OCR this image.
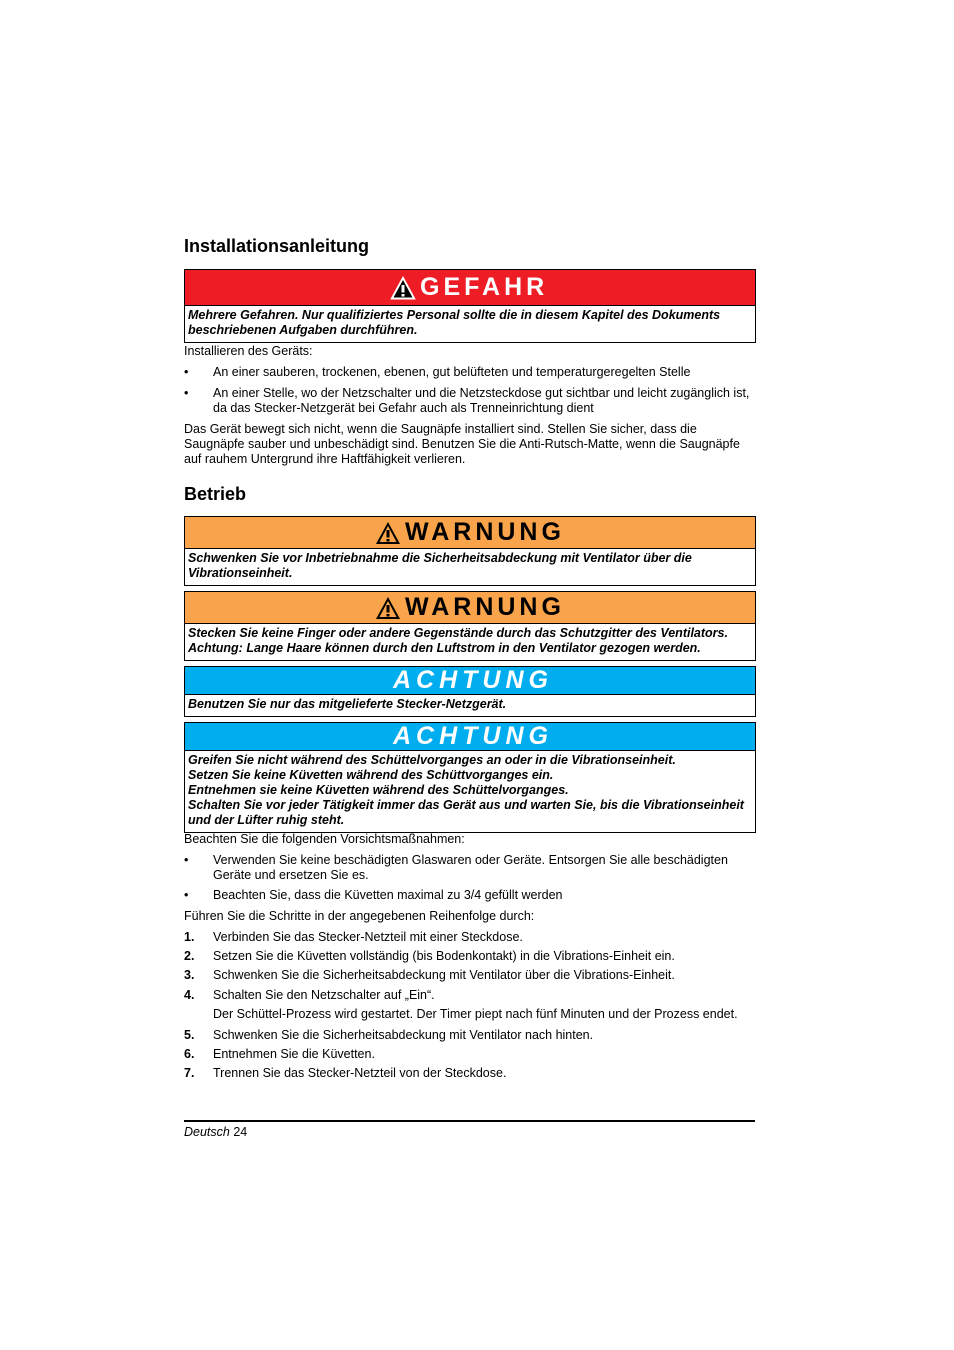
Installationsanleitung
GEFAHR
Mehrere Gefahren. Nur qualifiziertes Personal sollte die in diesem Kapitel des Dokuments beschriebenen Aufgaben durchführen.

Installieren des Geräts:

• An einer sauberen, trockenen, ebenen, gut belüfteten und temperaturgeregelten Stelle
• An einer Stelle, wo der Netzschalter und die Netzsteckdose gut sichtbar und leicht zugänglich ist, da das Stecker-Netzgerät bei Gefahr auch als Trenneinrichtung dient

Das Gerät bewegt sich nicht, wenn die Saugnäpfe installiert sind. Stellen Sie sicher, dass die Saugnäpfe sauber und unbeschädigt sind. Benutzen Sie die Anti-Rutsch-Matte, wenn die Saugnäpfe auf rauhem Untergrund ihre Haftfähigkeit verlieren.

Betrieb
WARNUNG
Schwenken Sie vor Inbetriebnahme die Sicherheitsabdeckung mit Ventilator über die Vibrationseinheit.
WARNUNG
Stecken Sie keine Finger oder andere Gegenstände durch das Schutzgitter des Ventilators. Achtung: Lange Haare können durch den Luftstrom in den Ventilator gezogen werden.
ACHTUNG
Benutzen Sie nur das mitgelieferte Stecker-Netzgerät.
ACHTUNG
Greifen Sie nicht während des Schüttelvorganges an oder in die Vibrationseinheit.
Setzen Sie keine Küvetten während des Schüttvorganges ein.
Entnehmen sie keine Küvetten während des Schüttelvorganges.
Schalten Sie vor jeder Tätigkeit immer das Gerät aus und warten Sie, bis die Vibrationseinheit und der Lüfter ruhig steht.

Beachten Sie die folgenden Vorsichtsmaßnahmen:

• Verwenden Sie keine beschädigten Glaswaren oder Geräte. Entsorgen Sie alle beschädigten Geräte und ersetzen Sie es.
• Beachten Sie, dass die Küvetten maximal zu 3/4 gefüllt werden

Führen Sie die Schritte in der angegebenen Reihenfolge durch:

1. Verbinden Sie das Stecker-Netzteil mit einer Steckdose.
2. Setzen Sie die Küvetten vollständig (bis Bodenkontakt) in die Vibrations-Einheit ein.
3. Schwenken Sie die Sicherheitsabdeckung mit Ventilator über die Vibrations-Einheit.
4. Schalten Sie den Netzschalter auf „Ein“.
Der Schüttel-Prozess wird gestartet. Der Timer piept nach fünf Minuten und der Prozess endet.
5. Schwenken Sie die Sicherheitsabdeckung mit Ventilator nach hinten.
6. Entnehmen Sie die Küvetten.
7. Trennen Sie das Stecker-Netzteil von der Steckdose.
Deutsch 24
